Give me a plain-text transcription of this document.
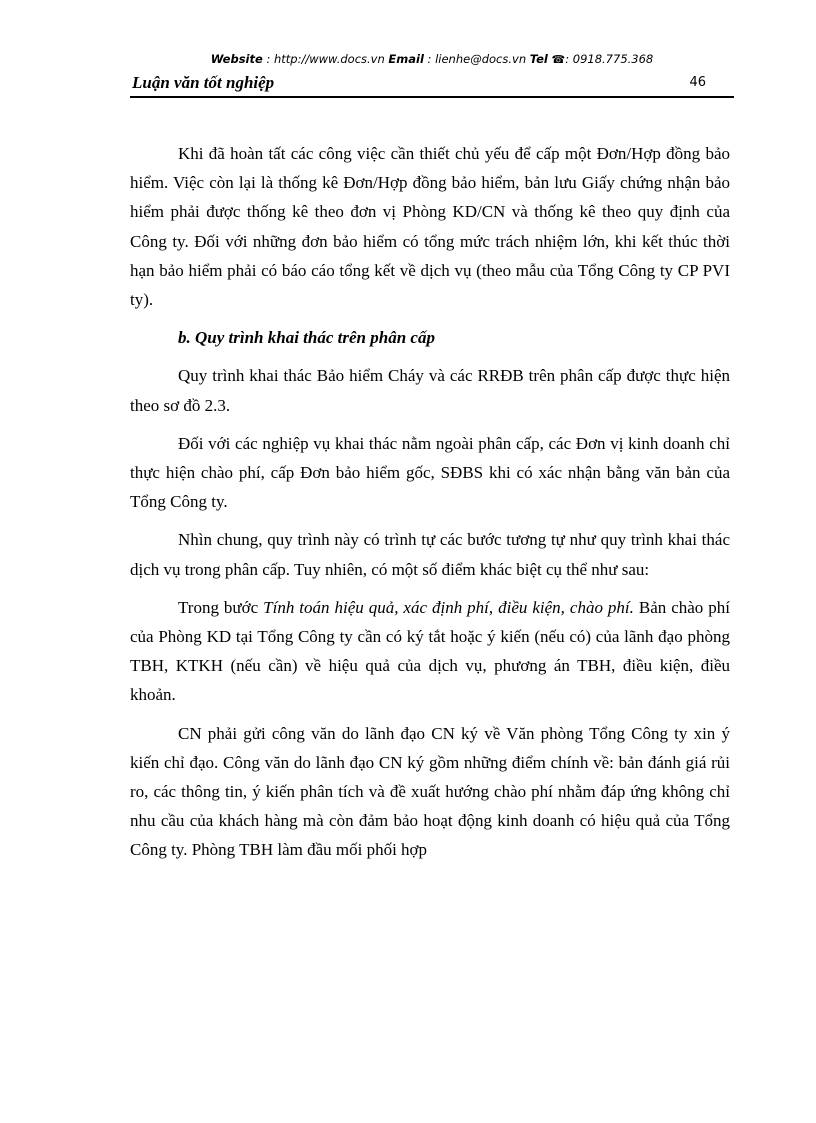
Website : http://www.docs.vn Email : lienhe@docs.vn Tel ☎: 0918.775.368
Luận văn tốt nghiệp	46

Khi đã hoàn tất các công việc cần thiết chủ yếu để cấp một Đơn/Hợp đồng bảo hiểm. Việc còn lại là thống kê Đơn/Hợp đồng bảo hiểm, bản lưu Giấy chứng nhận bảo hiểm phải được thống kê theo đơn vị Phòng KD/CN và thống kê theo quy định của Công ty. Đối với những đơn bảo hiểm có tổng mức trách nhiệm lớn, khi kết thúc thời hạn bảo hiểm phải có báo cáo tổng kết về dịch vụ (theo mẫu của Tổng Công ty CP PVI ty).

b. Quy trình khai thác trên phân cấp

Quy trình khai thác Bảo hiểm Cháy và các RRĐB trên phân cấp được thực hiện theo sơ đồ 2.3.

Đối với các nghiệp vụ khai thác nằm ngoài phân cấp, các Đơn vị kinh doanh chỉ thực hiện chào phí, cấp Đơn bảo hiểm gốc, SĐBS khi có xác nhận bằng văn bản của Tổng Công ty.

Nhìn chung, quy trình này có trình tự các bước tương tự như quy trình khai thác dịch vụ trong phân cấp. Tuy nhiên, có một số điểm khác biệt cụ thể như sau:

Trong bước Tính toán hiệu quả, xác định phí, điều kiện, chào phí. Bản chào phí của Phòng KD tại Tổng Công ty cần có ký tắt hoặc ý kiến (nếu có) của lãnh đạo phòng TBH, KTKH (nếu cần) về hiệu quả của dịch vụ, phương án TBH, điều kiện, điều khoản.

CN phải gửi công văn do lãnh đạo CN ký về Văn phòng Tổng Công ty xin ý kiến chỉ đạo. Công văn do lãnh đạo CN ký gồm những điểm chính về: bản đánh giá rủi ro, các thông tin, ý kiến phân tích và đề xuất hướng chào phí nhằm đáp ứng không chỉ nhu cầu của khách hàng mà còn đảm bảo hoạt động kinh doanh có hiệu quả của Tổng Công ty. Phòng TBH làm đầu mối phối hợp
